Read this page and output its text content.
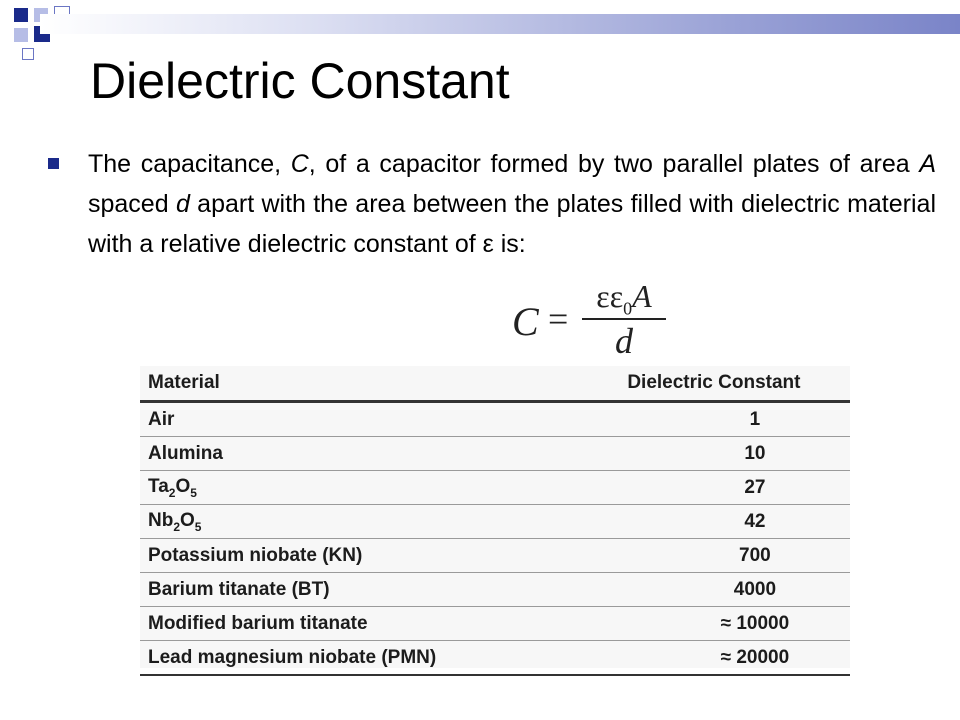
Dielectric Constant
The capacitance, C, of a capacitor formed by two parallel plates of area A spaced d apart with the area between the plates filled with dielectric material with a relative dielectric constant of ε is:
C =
$\varepsilon\varepsilon_0A$
d
Material	Dielectric Constant
Air	1
Alumina	10
$Ta_2O_5$	27
$Nb_2O_5$	42
Potassium niobate (KN)	700
Barium titanate (BT)	4000
Modified barium titanate	≈ 10000
Lead magnesium niobate (PMN)	≈ 20000
